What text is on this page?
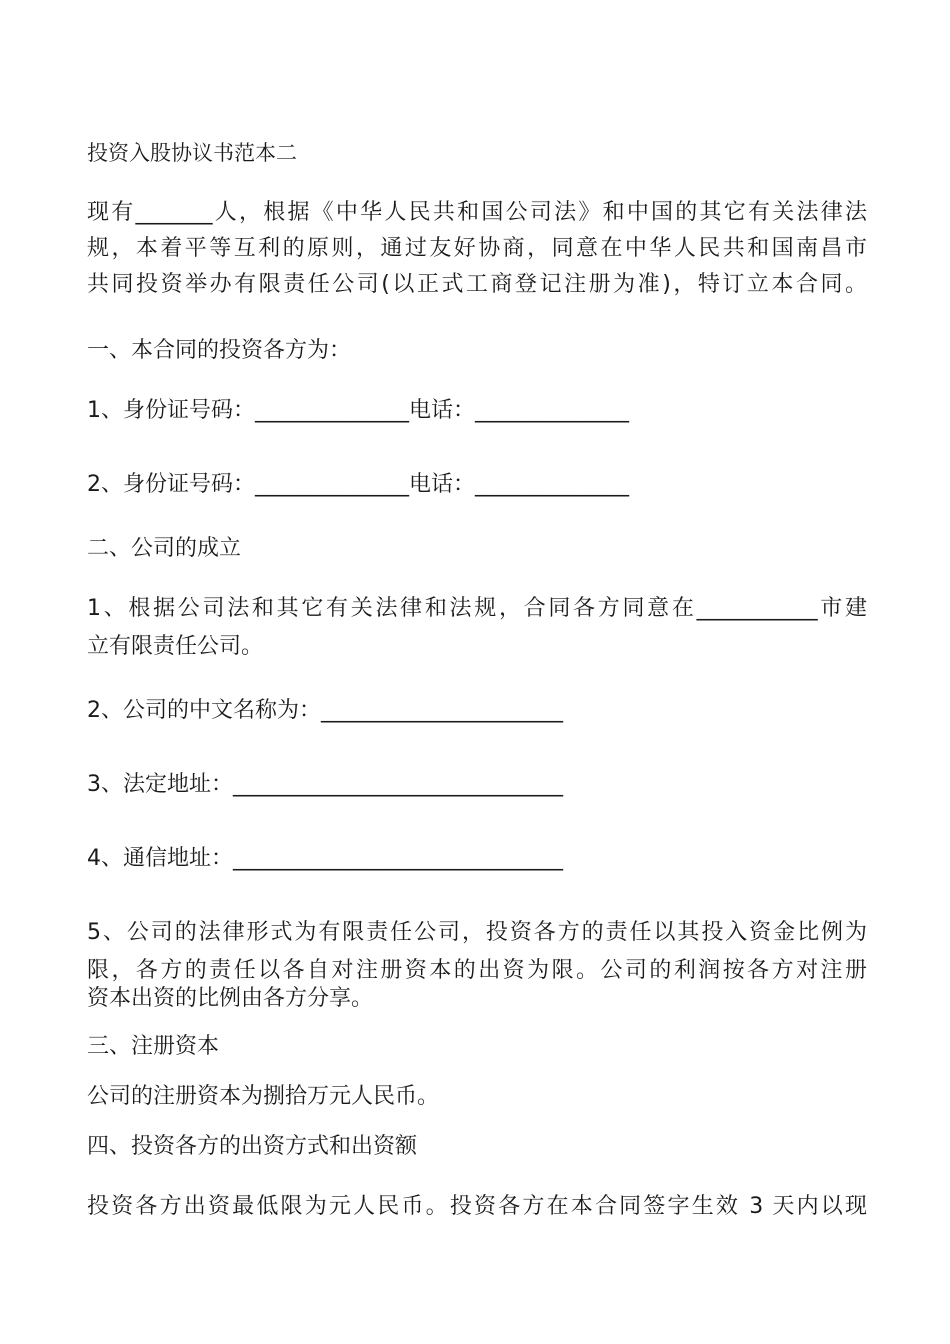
投资入股协议书范本二
现有_______人，根据《中华人民共和国公司法》和中国的其它有关法律法
规，本着平等互利的原则，通过友好协商，同意在中华人民共和国南昌市
共同投资举办有限责任公司(以正式工商登记注册为准)，特订立本合同。
一、本合同的投资各方为：
1、身份证号码：______________电话：______________
2、身份证号码：______________电话：______________
二、公司的成立
1、根据公司法和其它有关法律和法规，合同各方同意在___________市建
立有限责任公司。
2、公司的中文名称为：______________________
3、法定地址：______________________________
4、通信地址：______________________________
5、公司的法律形式为有限责任公司，投资各方的责任以其投入资金比例为
限，各方的责任以各自对注册资本的出资为限。公司的利润按各方对注册
资本出资的比例由各方分享。
三、注册资本
公司的注册资本为捌拾万元人民币。
四、投资各方的出资方式和出资额
投资各方出资最低限为元人民币。投资各方在本合同签字生效 3 天内以现
